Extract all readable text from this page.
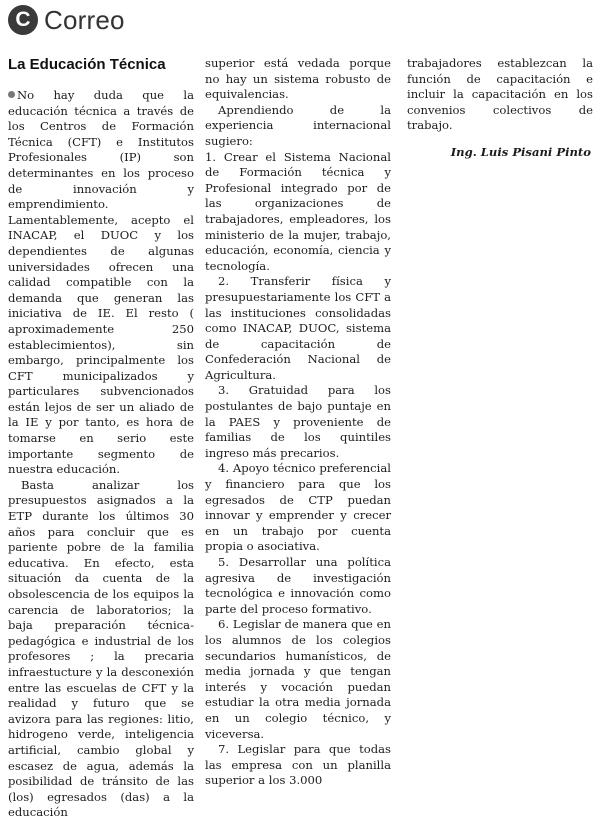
C Correo
La Educación Técnica

No hay duda que la educación técnica a través de los Centros de Formación Técnica (CFT) e Institutos Profesionales (IP) son determinantes en los proceso de innovación y emprendimiento. Lamentablemente, acepto el INACAP, el DUOC y los dependientes de algunas universidades ofrecen una calidad compatible con la demanda que generan las iniciativa de IE. El resto ( aproximademente 250 establecimientos), sin embargo, principalmente los CFT municipalizados y particulares subvencionados están lejos de ser un aliado de la IE y por tanto, es hora de tomarse en serio este importante segmento de nuestra educación.

Basta analizar los presupuestos asignados a la ETP durante los últimos 30 años para concluir que es pariente pobre de la familia educativa. En efecto, esta situación da cuenta de la obsolescencia de los equipos la carencia de laboratorios; la baja preparación técnica- pedagógica e industrial de los profesores ; la precaria infraestucture y la desconexión entre las escuelas de CFT y la realidad y futuro que se avizora para las regiones: litio, hidrogeno verde, inteligencia artificial, cambio global y escasez de agua, además la posibilidad de tránsito de las (los) egresados (das) a la educación

superior está vedada porque no hay un sistema robusto de equivalencias.

Aprendiendo de la experiencia internacional sugiero:

1. Crear el Sistema Nacional de Formación técnica y Profesional integrado por de las organizaciones de trabajadores, empleadores, los ministerio de la mujer, trabajo, educación, economía, ciencia y tecnología.

2. Transferir física y presupuestariamente los CFT a las instituciones consolidadas como INACAP, DUOC, sistema de capacitación de Confederación Nacional de Agricultura.

3. Gratuidad para los postulantes de bajo puntaje en la PAES y proveniente de familias de los quintiles ingreso más precarios.

4. Apoyo técnico preferencial y financiero para que los egresados de CTP puedan innovar y emprender y crecer en un trabajo por cuenta propia o asociativa.

5. Desarrollar una política agresiva de investigación tecnológica e innovación como parte del proceso formativo.

6. Legislar de manera que en los alumnos de los colegios secundarios humanísticos, de media jornada y que tengan interés y vocación puedan estudiar la otra media jornada en un colegio técnico, y viceversa.

7. Legislar para que todas las empresa con un planilla superior a los 3.000

trabajadores establezcan la función de capacitación e incluir la capacitación en los convenios colectivos de trabajo.

Ing. Luis Pisani Pinto
